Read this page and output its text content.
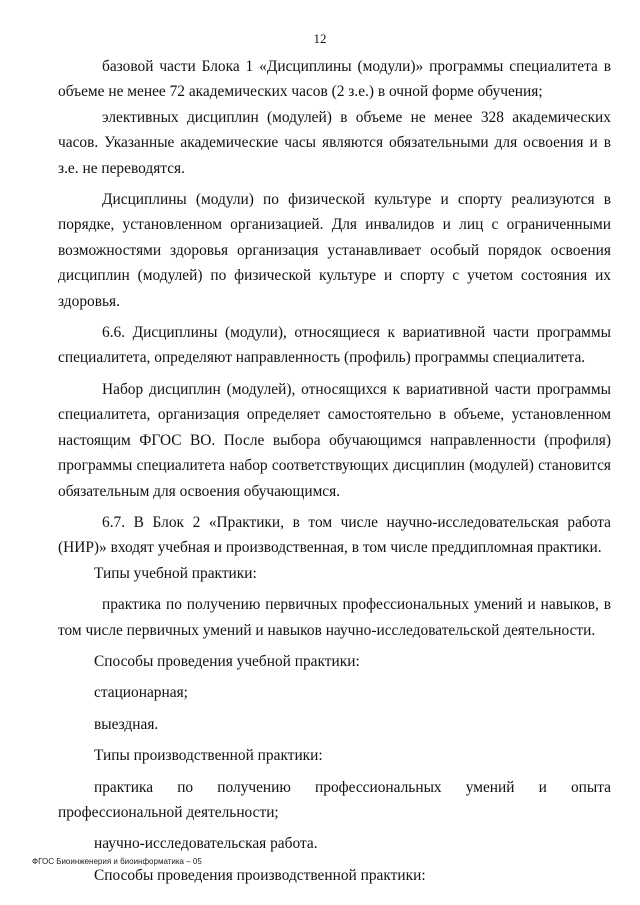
12

базовой части Блока 1 «Дисциплины (модули)» программы специалитета в объеме не менее 72 академических часов (2 з.е.) в очной форме обучения;

элективных дисциплин (модулей) в объеме не менее 328 академических часов. Указанные академические часы являются обязательными для освоения и в з.е. не переводятся.

Дисциплины (модули) по физической культуре и спорту реализуются в порядке, установленном организацией. Для инвалидов и лиц с ограниченными возможностями здоровья организация устанавливает особый порядок освоения дисциплин (модулей) по физической культуре и спорту с учетом состояния их здоровья.

6.6. Дисциплины (модули), относящиеся к вариативной части программы специалитета, определяют направленность (профиль) программы специалитета.

Набор дисциплин (модулей), относящихся к вариативной части программы специалитета, организация определяет самостоятельно в объеме, установленном настоящим ФГОС ВО. После выбора обучающимся направленности (профиля) программы специалитета набор соответствующих дисциплин (модулей) становится обязательным для освоения обучающимся.

6.7. В Блок 2 «Практики, в том числе научно-исследовательская работа (НИР)» входят учебная и производственная, в том числе преддипломная практики.

Типы учебной практики:

практика по получению первичных профессиональных умений и навыков, в том числе первичных умений и навыков научно-исследовательской деятельности.

Способы проведения учебной практики:

стационарная;

выездная.

Типы производственной практики:

практика по получению профессиональных умений и опыта профессиональной деятельности;

научно-исследовательская работа.

Способы проведения производственной практики:

ФГОС Биоинженерия и биоинформатика – 05
